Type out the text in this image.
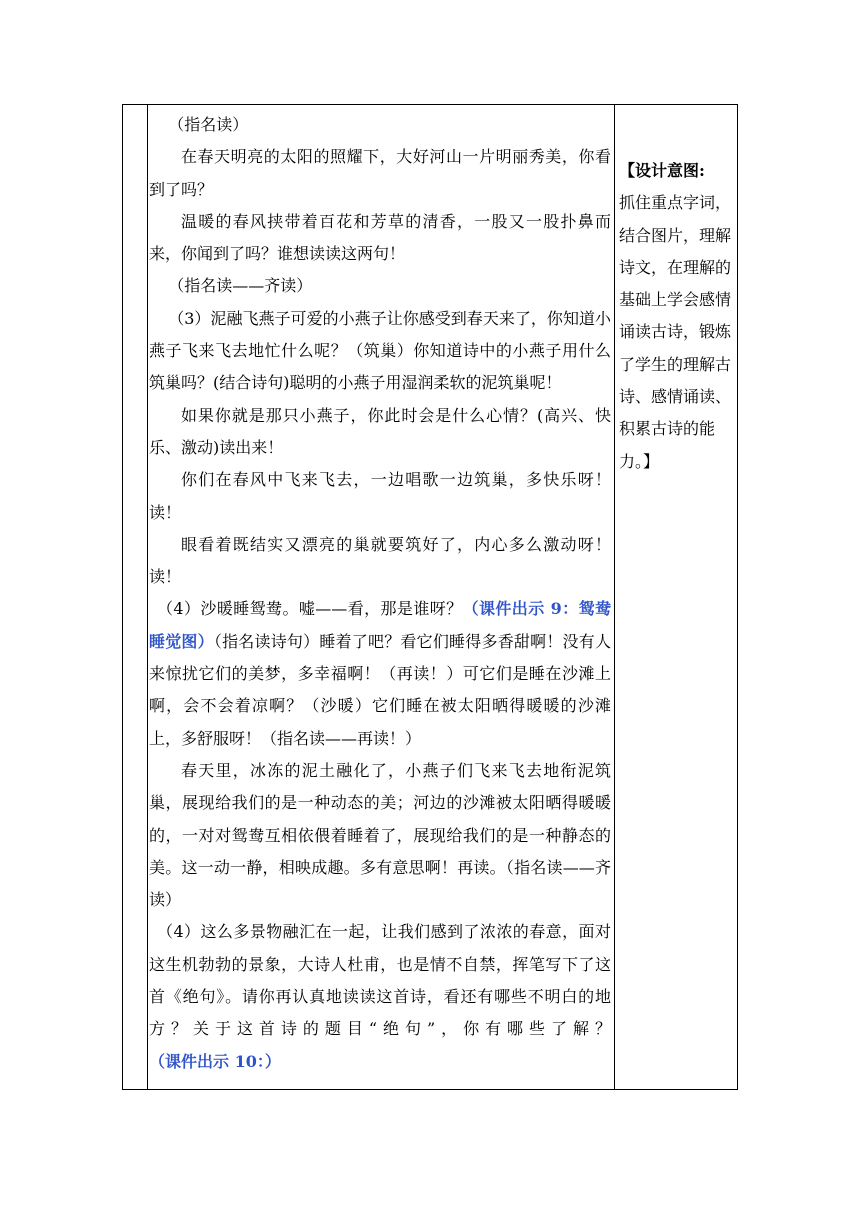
（指名读）

在春天明亮的太阳的照耀下，大好河山一片明丽秀美，你看到了吗？

温暖的春风挟带着百花和芳草的清香，一股又一股扑鼻而来，你闻到了吗？谁想读读这两句！

（指名读——齐读）

（3）泥融飞燕子可爱的小燕子让你感受到春天来了，你知道小燕子飞来飞去地忙什么呢？（筑巢）你知道诗中的小燕子用什么筑巢吗？(结合诗句)聪明的小燕子用湿润柔软的泥筑巢呢！

如果你就是那只小燕子，你此时会是什么心情？(高兴、快乐、激动)读出来！

你们在春风中飞来飞去，一边唱歌一边筑巢，多快乐呀！读！

眼看着既结实又漂亮的巢就要筑好了，内心多么激动呀！读！

（4）沙暖睡鸳鸯。嘘——看，那是谁呀？（课件出示 9：鸳鸯睡觉图）（指名读诗句）睡着了吧？看它们睡得多香甜啊！没有人来惊扰它们的美梦，多幸福啊！（再读！）可它们是睡在沙滩上啊，会不会着凉啊？（沙暖）它们睡在被太阳晒得暖暖的沙滩上，多舒服呀！（指名读——再读！）

春天里，冰冻的泥土融化了，小燕子们飞来飞去地衔泥筑巢，展现给我们的是一种动态的美；河边的沙滩被太阳晒得暖暖的，一对对鸳鸯互相依偎着睡着了，展现给我们的是一种静态的美。这一动一静，相映成趣。多有意思啊！再读。（指名读——齐读）

（4）这么多景物融汇在一起，让我们感到了浓浓的春意，面对这生机勃勃的景象，大诗人杜甫，也是情不自禁，挥笔写下了这首《绝句》。请你再认真地读读这首诗，看还有哪些不明白的地方？关于这首诗的题目“绝句”，你有哪些了解？（课件出示 10：）

【设计意图:

抓住重点字词，结合图片，理解诗文，在理解的基础上学会感情诵读古诗，锻炼了学生的理解古诗、感情诵读、积累古诗的能力。】
